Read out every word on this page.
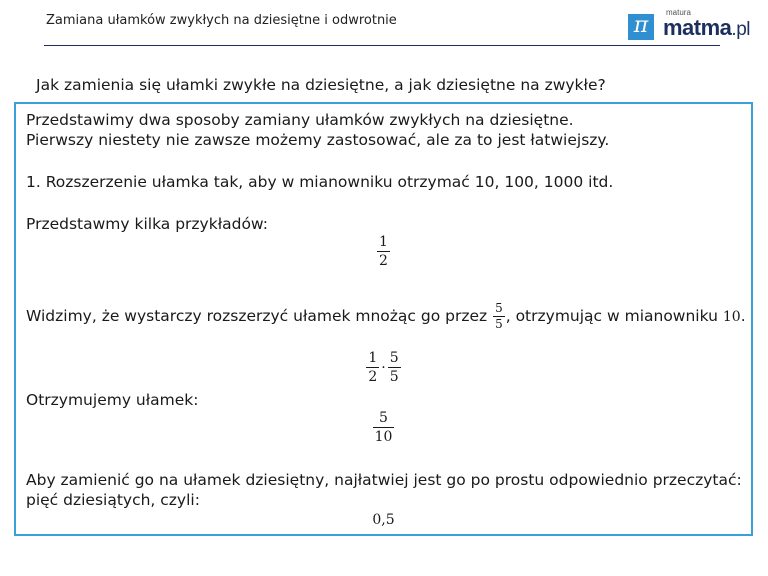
Zamiana ułamków zwykłych na dziesiętne i odwrotnie	π
matura
matma.pl
Jak zamienia się ułamki zwykłe na dziesiętne, a jak dziesiętne na zwykłe?
Przedstawimy dwa sposoby zamiany ułamków zwykłych na dziesiętne.
Pierwszy niestety nie zawsze możemy zastosować, ale za to jest łatwiejszy.
1. Rozszerzenie ułamka tak, aby w mianowniku otrzymać 10, 100, 1000 itd.
Przedstawmy kilka przykładów:
$\frac{1}{2}$
Widzimy, że wystarczy rozszerzyć ułamek mnożąc go przez $\frac{5}{5}$ , otrzymując w mianowniku 10.
$\frac{1}{2} \cdot \frac{5}{5}$
Otrzymujemy ułamek:
$\frac{5}{10}$
Aby zamienić go na ułamek dziesiętny, najłatwiej jest go po prostu odpowiednio przeczytać:
pięć dziesiątych, czyli:
0,5
